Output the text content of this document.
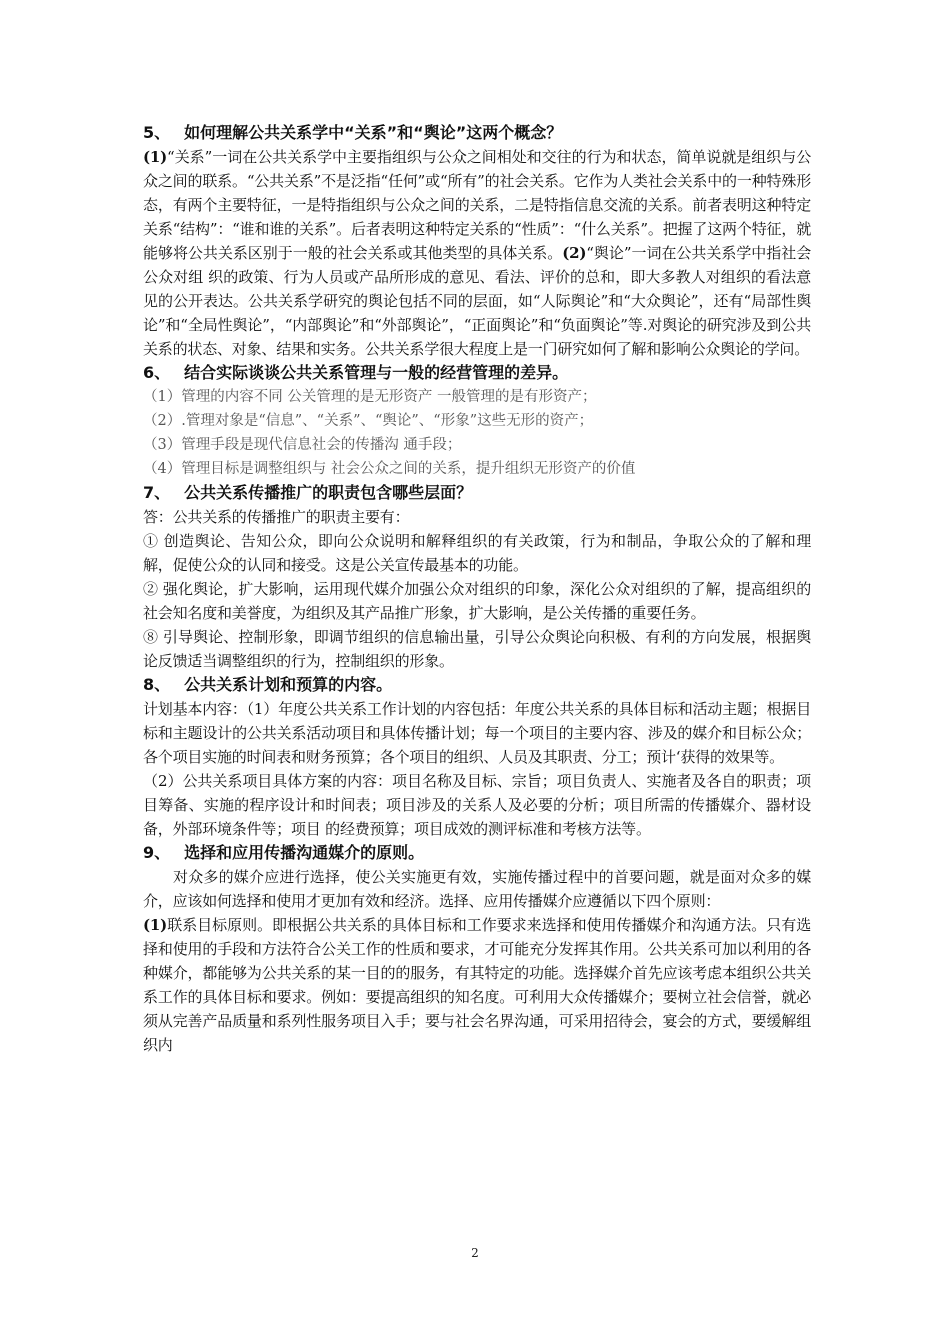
5、 如何理解公共关系学中“关系”和“舆论”这两个概念？

(1)“关系”一词在公共关系学中主要指组织与公众之间相处和交往的行为和状态，简单说就是组织与公众之间的联系。“公共关系”不是泛指“任何”或“所有”的社会关系。它作为人类社会关系中的一种特殊形态，有两个主要特征，一是特指组织与公众之间的关系，二是特指信息交流的关系。前者表明这种特定关系“结构”：“谁和谁的关系”。后者表明这种特定关系的“性质”：“什么关系”。把握了这两个特征，就能够将公共关系区别于一般的社会关系或其他类型的具体关系。(2)“舆论”一词在公共关系学中指社会公众对组 织的政策、行为人员或产品所形成的意见、看法、评价的总和，即大多教人对组织的看法意见的公开表达。公共关系学研究的舆论包括不同的层面，如“人际舆论”和“大众舆论”，还有“局部性舆论”和“全局性舆论”，“内部舆论”和“外部舆论”，“正面舆论”和“负面舆论”等.对舆论的研究涉及到公共关系的状态、对象、结果和实务。公共关系学很大程度上是一门研究如何了解和影响公众舆论的学问。

6、 结合实际谈谈公共关系管理与一般的经营管理的差异。

（1）管理的内容不同 公关管理的是无形资产 一般管理的是有形资产；

（2）.管理对象是“信息”、“关系”、“舆论”、“形象”这些无形的资产；

（3）管理手段是现代信息社会的传播沟 通手段；

（4）管理目标是调整组织与 社会公众之间的关系，提升组织无形资产的价值

7、 公共关系传播推广的职责包含哪些层面？

答：公共关系的传播推广的职责主要有：

① 创造舆论、告知公众，即向公众说明和解释组织的有关政策，行为和制品，争取公众的了解和理解，促使公众的认同和接受。这是公关宣传最基本的功能。

② 强化舆论，扩大影响，运用现代媒介加强公众对组织的印象，深化公众对组织的了解，提高组织的社会知名度和美誉度，为组织及其产品推广形象，扩大影响，是公关传播的重要任务。

⑧ 引导舆论、控制形象，即调节组织的信息输出量，引导公众舆论向积极、有利的方向发展，根据舆论反馈适当调整组织的行为，控制组织的形象。

8、 公共关系计划和预算的内容。

计划基本内容：（1）年度公共关系工作计划的内容包括：年度公共关系的具体目标和活动主题；根据目标和主题设计的公共关系活动项目和具体传播计划；每一个项目的主要内容、涉及的媒介和目标公众；各个项目实施的时间表和财务预算；各个项目的组织、人员及其职责、分工；预计‘获得的效果等。

（2）公共关系项目具体方案的内容：项目名称及目标、宗旨；项目负责人、实施者及各自的职责；项目筹备、实施的程序设计和时间表；项目涉及的关系人及必要的分析；项目所需的传播媒介、器材设备，外部环境条件等；项目 的经费预算；项目成效的测评标准和考核方法等。

9、 选择和应用传播沟通媒介的原则。

对众多的媒介应进行选择，使公关实施更有效，实施传播过程中的首要问题，就是面对众多的媒介，应该如何选择和使用才更加有效和经济。选择、应用传播媒介应遵循以下四个原则：

(1)联系目标原则。即根据公共关系的具体目标和工作要求来选择和使用传播媒介和沟通方法。只有选择和使用的手段和方法符合公关工作的性质和要求，才可能充分发挥其作用。公共关系可加以利用的各种媒介，都能够为公共关系的某一目的的服务，有其特定的功能。选择媒介首先应该考虑本组织公共关系工作的具体目标和要求。例如：要提高组织的知名度。可利用大众传播媒介；要树立社会信誉，就必须从完善产品质量和系列性服务项目入手；要与社会名界沟通，可采用招待会，宴会的方式，要缓解组织内

2
